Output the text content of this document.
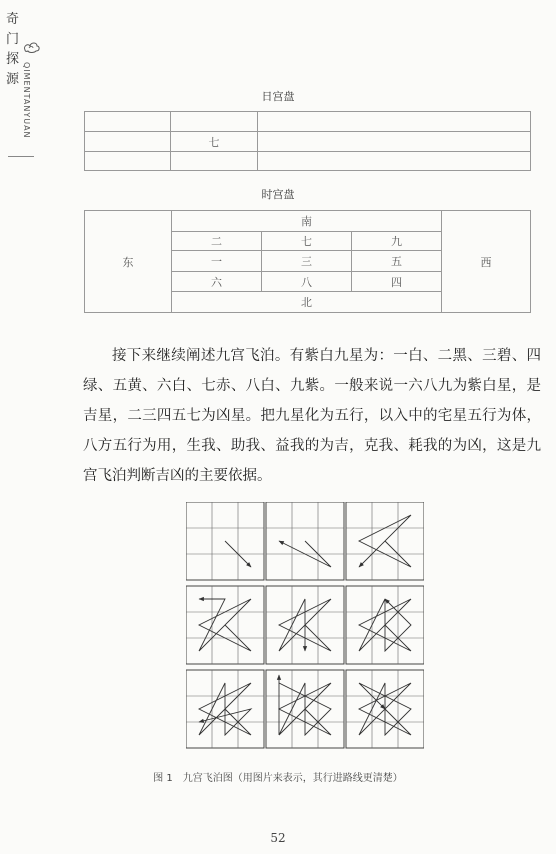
奇
门
探
源 QIMENTANYUAN	日宫盘

	七	

时宫盘
东	南			西
	二	七	九	
	一	三	五	
	六	八	四	
	北			

接下来继续阐述九宫飞泊。有紫白九星为：一白、二黑、三碧、四绿、五黄、六白、七赤、八白、九紫。一般来说一六八九为紫白星，是吉星，二三四五七为凶星。把九星化为五行，以入中的宅星五行为体，八方五行为用，生我、助我、益我的为吉，克我、耗我的为凶，这是九宫飞泊判断吉凶的主要依据。

图 1　九宫飞泊图（用图片来表示，其行进路线更清楚）
52
